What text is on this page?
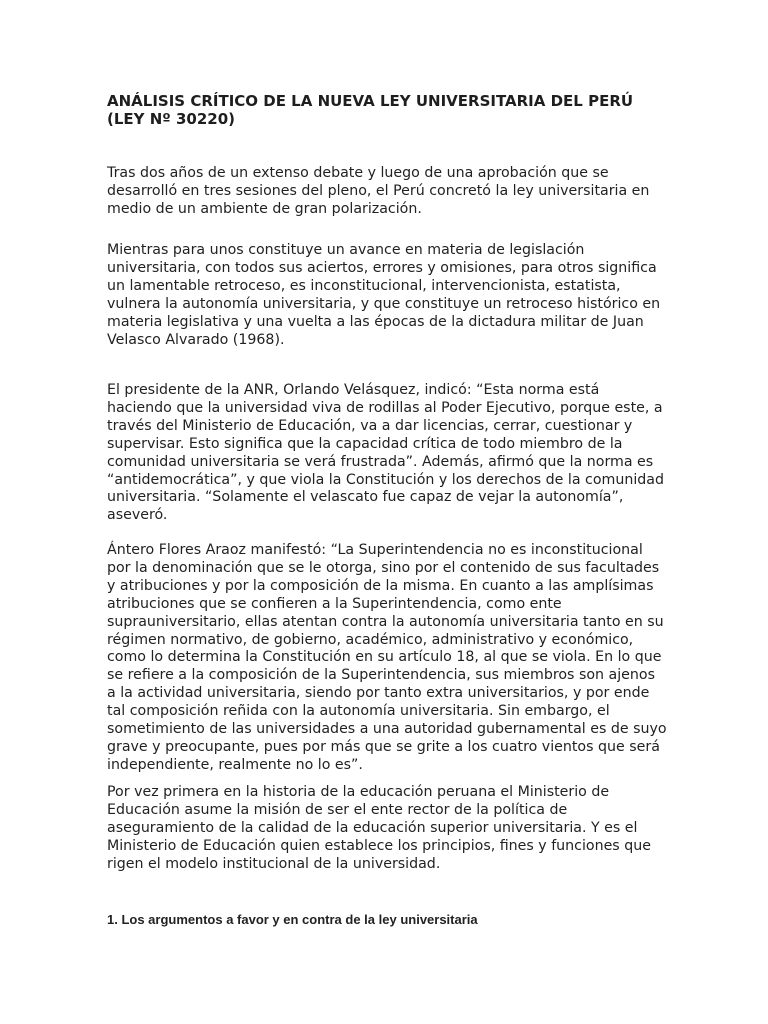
ANÁLISIS CRÍTICO DE LA NUEVA LEY UNIVERSITARIA DEL PERÚ (LEY Nº 30220)

Tras dos años de un extenso debate y luego de una aprobación que se desarrolló en tres sesiones del pleno, el Perú concretó la ley universitaria en medio de un ambiente de gran polarización.

Mientras para unos constituye un avance en materia de legislación universitaria, con todos sus aciertos, errores y omisiones, para otros significa un lamentable retroceso, es inconstitucional, intervencionista, estatista, vulnera la autonomía universitaria, y que constituye un retroceso histórico en materia legislativa y una vuelta a las épocas de la dictadura militar de Juan Velasco Alvarado (1968).

El presidente de la ANR, Orlando Velásquez, indicó: “Esta norma está haciendo que la universidad viva de rodillas al Poder Ejecutivo, porque este, a través del Ministerio de Educación, va a dar licencias, cerrar, cuestionar y supervisar. Esto significa que la capacidad crítica de todo miembro de la comunidad universitaria se verá frustrada”. Además, afirmó que la norma es “antidemocrática”, y que viola la Constitución y los derechos de la comunidad universitaria. “Solamente el velascato fue capaz de vejar la autonomía”, aseveró.

Ántero Flores Araoz manifestó: “La Superintendencia no es inconstitucional por la denominación que se le otorga, sino por el contenido de sus facultades y atribuciones y por la composición de la misma. En cuanto a las amplísimas atribuciones que se confieren a la Superintendencia, como ente suprauniversitario, ellas atentan contra la autonomía universitaria tanto en su régimen normativo, de gobierno, académico, administrativo y económico, como lo determina la Constitución en su artículo 18, al que se viola. En lo que se refiere a la composición de la Superintendencia, sus miembros son ajenos a la actividad universitaria, siendo por tanto extra universitarios, y por ende tal composición reñida con la autonomía universitaria. Sin embargo, el sometimiento de las universidades a una autoridad gubernamental es de suyo grave y preocupante, pues por más que se grite a los cuatro vientos que será independiente, realmente no lo es”.

Por vez primera en la historia de la educación peruana el Ministerio de Educación asume la misión de ser el ente rector de la política de aseguramiento de la calidad de la educación superior universitaria. Y es el Ministerio de Educación quien establece los principios, fines y funciones que rigen el modelo institucional de la universidad.

1. Los argumentos a favor y en contra de la ley universitaria
